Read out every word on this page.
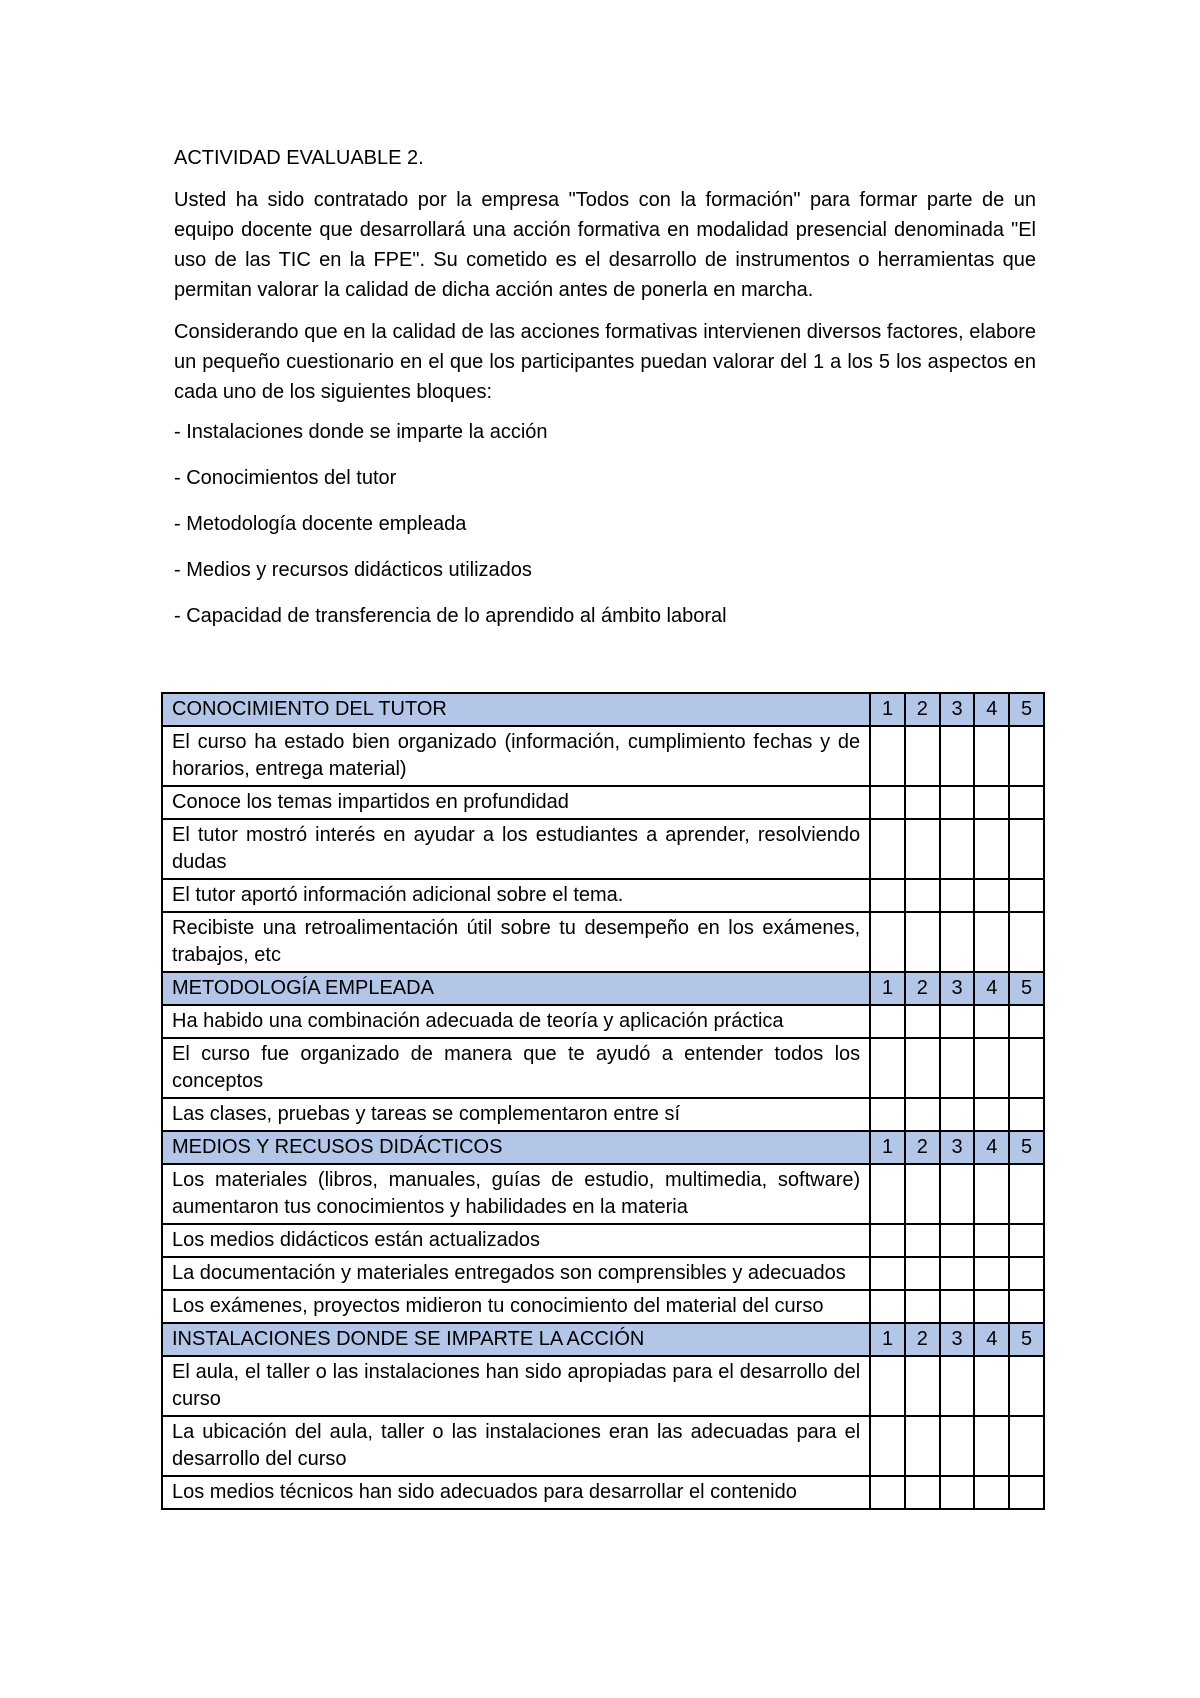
ACTIVIDAD EVALUABLE 2.

Usted ha sido contratado por la empresa "Todos con la formación" para formar parte de un equipo docente que desarrollará una acción formativa en modalidad presencial denominada "El uso de las TIC en la FPE". Su cometido es el desarrollo de instrumentos o herramientas que permitan valorar la calidad de dicha acción antes de ponerla en marcha.

Considerando que en la calidad de las acciones formativas intervienen diversos factores, elabore un pequeño cuestionario en el que los participantes puedan valorar del 1 a los 5 los aspectos en cada uno de los siguientes bloques:

- Instalaciones donde se imparte la acción
- Conocimientos del tutor
- Metodología docente empleada
- Medios y recursos didácticos utilizados
- Capacidad de transferencia de lo aprendido al ámbito laboral
CONOCIMIENTO DEL TUTOR	1	2	3	4	5
El curso ha estado bien organizado (información, cumplimiento fechas y de horarios, entrega material)					
Conoce los temas impartidos en profundidad					
El tutor mostró interés en ayudar a los estudiantes a aprender, resolviendo dudas					
El tutor aportó información adicional sobre el tema.					
Recibiste una retroalimentación útil sobre tu desempeño en los exámenes, trabajos, etc					
METODOLOGÍA EMPLEADA	1	2	3	4	5
Ha habido una combinación adecuada de teoría y aplicación práctica					
El curso fue organizado de manera que te ayudó a entender todos los conceptos					
Las clases, pruebas y tareas se complementaron entre sí					
MEDIOS Y RECUSOS DIDÁCTICOS	1	2	3	4	5
Los materiales (libros, manuales, guías de estudio, multimedia, software) aumentaron tus conocimientos y habilidades en la materia					
Los medios didácticos están actualizados					
La documentación y materiales entregados son comprensibles y adecuados					
Los exámenes, proyectos midieron tu conocimiento del material del curso					
INSTALACIONES DONDE SE IMPARTE LA ACCIÓN	1	2	3	4	5
El aula, el taller o las instalaciones han sido apropiadas para el desarrollo del curso					
La ubicación del aula, taller o las instalaciones eran las adecuadas para el desarrollo del curso					
Los medios técnicos han sido adecuados para desarrollar el contenido					
